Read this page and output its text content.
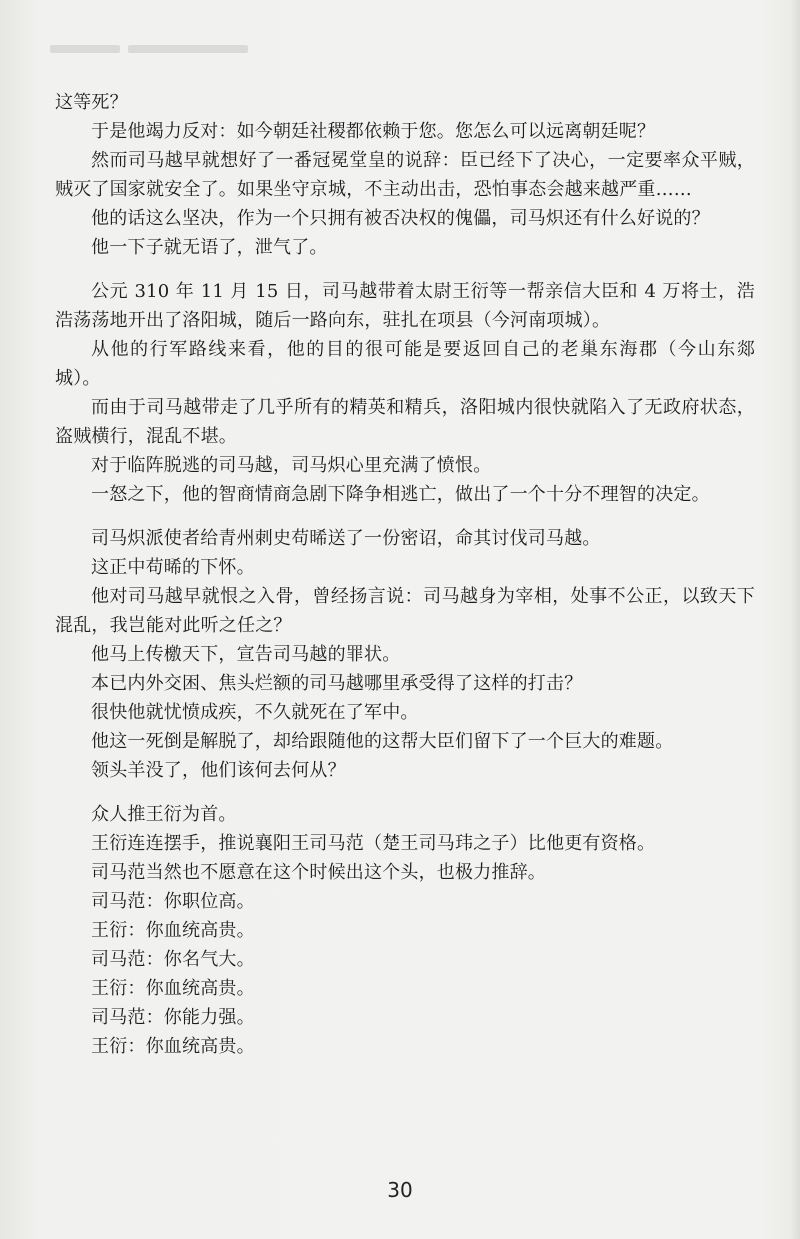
这等死？

于是他竭力反对：如今朝廷社稷都依赖于您。您怎么可以远离朝廷呢？

然而司马越早就想好了一番冠冕堂皇的说辞：臣已经下了决心，一定要率众平贼，贼灭了国家就安全了。如果坐守京城，不主动出击，恐怕事态会越来越严重……

他的话这么坚决，作为一个只拥有被否决权的傀儡，司马炽还有什么好说的？

他一下子就无语了，泄气了。

公元 310 年 11 月 15 日，司马越带着太尉王衍等一帮亲信大臣和 4 万将士，浩浩荡荡地开出了洛阳城，随后一路向东，驻扎在项县（今河南项城）。

从他的行军路线来看，他的目的很可能是要返回自己的老巢东海郡（今山东郯城）。

而由于司马越带走了几乎所有的精英和精兵，洛阳城内很快就陷入了无政府状态，盗贼横行，混乱不堪。

对于临阵脱逃的司马越，司马炽心里充满了愤恨。

一怒之下，他的智商情商急剧下降争相逃亡，做出了一个十分不理智的决定。

司马炽派使者给青州刺史苟晞送了一份密诏，命其讨伐司马越。

这正中苟晞的下怀。

他对司马越早就恨之入骨，曾经扬言说：司马越身为宰相，处事不公正，以致天下混乱，我岂能对此听之任之？

他马上传檄天下，宣告司马越的罪状。

本已内外交困、焦头烂额的司马越哪里承受得了这样的打击？

很快他就忧愤成疾，不久就死在了军中。

他这一死倒是解脱了，却给跟随他的这帮大臣们留下了一个巨大的难题。

领头羊没了，他们该何去何从？

众人推王衍为首。

王衍连连摆手，推说襄阳王司马范（楚王司马玮之子）比他更有资格。

司马范当然也不愿意在这个时候出这个头，也极力推辞。

司马范：你职位高。

王衍：你血统高贵。

司马范：你名气大。

王衍：你血统高贵。

司马范：你能力强。

王衍：你血统高贵。

30
